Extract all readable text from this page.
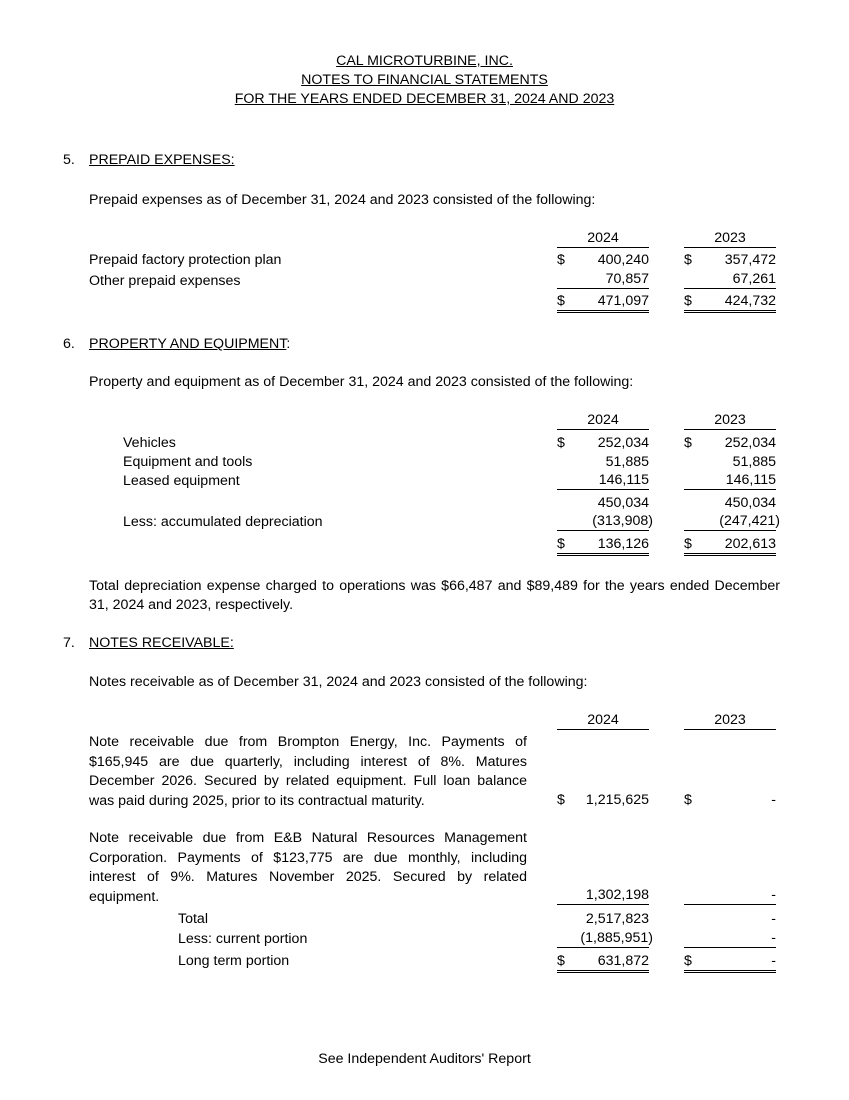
CAL MICROTURBINE, INC.
NOTES TO FINANCIAL STATEMENTS
FOR THE YEARS ENDED DECEMBER 31, 2024 AND 2023
5. PREPAID EXPENSES:
Prepaid expenses as of December 31, 2024 and 2023 consisted of the following:
2024	2023
Prepaid factory protection plan	$ 400,240 $ 357,472
Other prepaid expenses	70,857	67,261
$ 471,097 $ 424,732
6. PROPERTY AND EQUIPMENT:
Property and equipment as of December 31, 2024 and 2023 consisted of the following:
2024	2023
Vehicles	$ 252,034 $ 252,034
Equipment and tools	51,885	51,885
Leased equipment	146,115	146,115
450,034	450,034
Less: accumulated depreciation	(313,908)	(247,421)
$ 136,126 $ 202,613
Total depreciation expense charged to operations was $66,487 and $89,489 for the years ended December 31, 2024 and 2023, respectively.
7. NOTES RECEIVABLE:
Notes receivable as of December 31, 2024 and 2023 consisted of the following:
2024	2023
Note receivable due from Brompton Energy, Inc. Payments of $165,945 are due quarterly, including interest of 8%. Matures December 2026. Secured by related equipment. Full loan balance was paid during 2025, prior to its contractual maturity.	$ 1,215,625 $	-
Note receivable due from E&B Natural Resources Management Corporation. Payments of $123,775 are due monthly, including interest of 9%. Matures November 2025. Secured by related equipment.	1,302,198	-
Total	2,517,823	-
Less: current portion	(1,885,951)	-
Long term portion	$ 631,872 $	-
See Independent Auditors' Report
